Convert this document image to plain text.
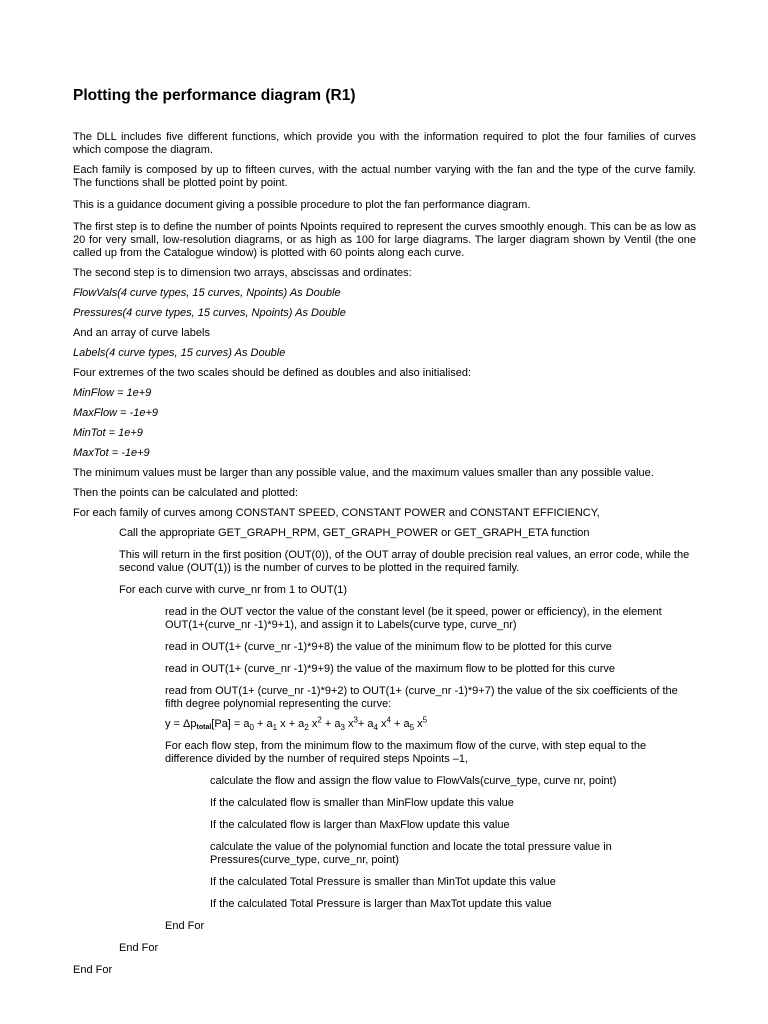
Plotting the performance diagram (R1)

The DLL includes five different functions, which provide you with the information required to plot the four families of curves which compose the diagram.

Each family is composed by up to fifteen curves, with the actual number varying with the fan and the type of the curve family. The functions shall be plotted point by point.

This is a guidance document giving a possible procedure to plot the fan performance diagram.

The first step is to define the number of points Npoints required to represent the curves smoothly enough. This can be as low as 20 for very small, low-resolution diagrams, or as high as 100 for large diagrams. The larger diagram shown by Ventil (the one called up from the Catalogue window) is plotted with 60 points along each curve.

The second step is to dimension two arrays, abscissas and ordinates:

FlowVals(4 curve types, 15 curves, Npoints) As Double

Pressures(4 curve types, 15 curves, Npoints) As Double

And an array of curve labels

Labels(4 curve types, 15 curves) As Double

Four extremes of the two scales should be defined as doubles and also initialised:

MinFlow = 1e+9

MaxFlow = -1e+9

MinTot = 1e+9

MaxTot = -1e+9

The minimum values must be larger than any possible value, and the maximum values smaller than any possible value.

Then the points can be calculated and plotted:

For each family of curves among CONSTANT SPEED, CONSTANT POWER and CONSTANT EFFICIENCY,

Call the appropriate GET_GRAPH_RPM, GET_GRAPH_POWER or GET_GRAPH_ETA function

This will return in the first position (OUT(0)), of the OUT array of double precision real values, an error code, while the second value (OUT(1)) is the number of curves to be plotted in the required family.

For each curve with curve_nr from 1 to OUT(1)

read in the OUT vector the value of the constant level (be it speed, power or efficiency), in the element OUT(1+(curve_nr -1)*9+1), and assign it to Labels(curve type, curve_nr)

read in OUT(1+ (curve_nr -1)*9+8) the value of the minimum flow to be plotted for this curve

read in OUT(1+ (curve_nr -1)*9+9) the value of the maximum flow to be plotted for this curve

read from OUT(1+ (curve_nr -1)*9+2) to OUT(1+ (curve_nr -1)*9+7) the value of the six coefficients of the fifth degree polynomial representing the curve:

y = Δptotal[Pa] = $a_0 + a_1$ $x + a_2$ $x^2 + a_3$ $x^3+ a_4$ $x^4 + a_5$ $x^5$

For each flow step, from the minimum flow to the maximum flow of the curve, with step equal to the difference divided by the number of required steps Npoints –1,

calculate the flow and assign the flow value to FlowVals(curve_type, curve nr, point)

If the calculated flow is smaller than MinFlow update this value

If the calculated flow is larger than MaxFlow update this value

calculate the value of the polynomial function and locate the total pressure value in Pressures(curve_type, curve_nr, point)

If the calculated Total Pressure is smaller than MinTot update this value

If the calculated Total Pressure is larger than MaxTot update this value

End For

End For

End For
